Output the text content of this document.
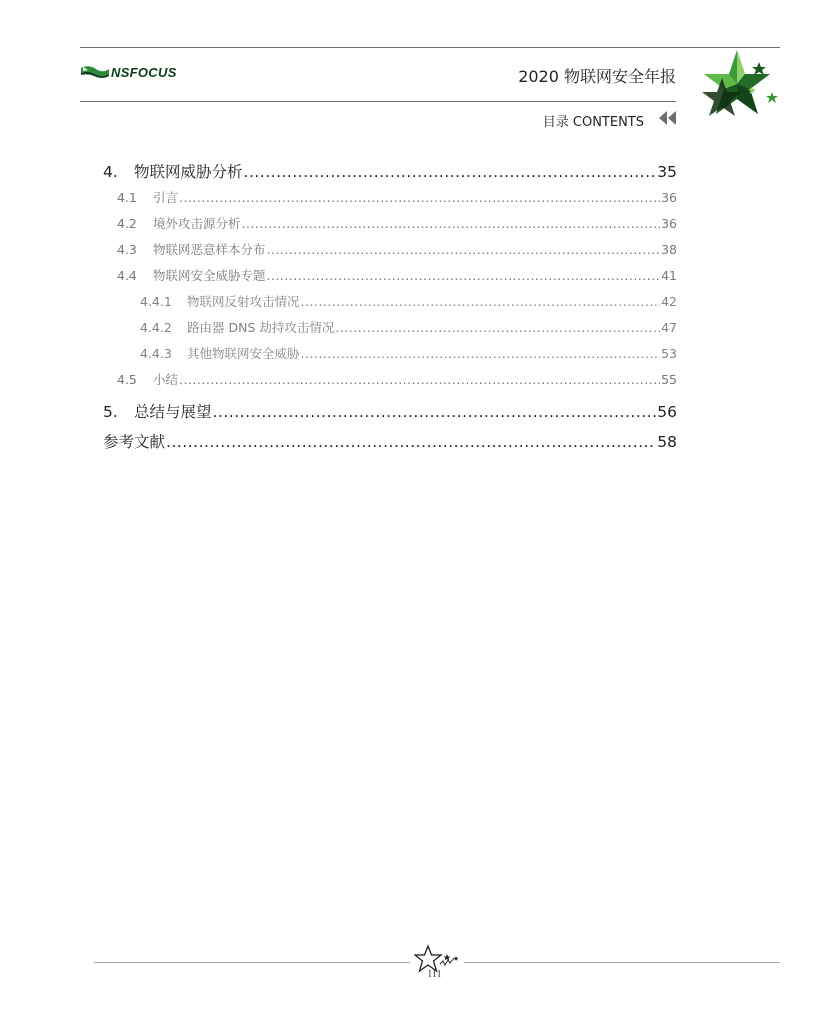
NSFOCUS	2020 物联网安全年报
目录 CONTENTS
4.	物联网威胁分析 .....	35
4.1	引言 .....	36
4.2	境外攻击源分析 .....	36
4.3	物联网恶意样本分布 .....	38
4.4	物联网安全威胁专题 .....	41
4.4.1	物联网反射攻击情况 .....	42
4.4.2	路由器 DNS 劫持攻击情况 .....	47
4.4.3	其他物联网安全威胁 .....	53
4.5	小结 .....	55
5.	总结与展望 .....	56
参考文献 .....	58
III
